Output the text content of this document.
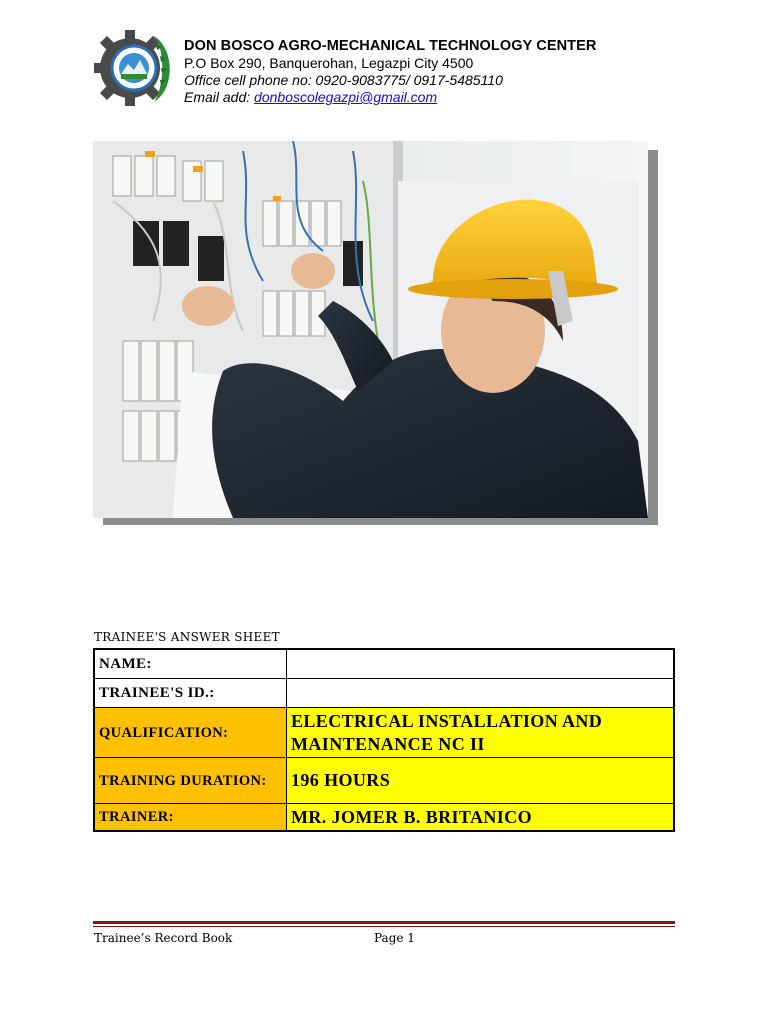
DON BOSCO AGRO-MECHANICAL TECHNOLOGY CENTER
P.O Box 290, Banquerohan, Legazpi City 4500
Office cell phone no: 0920-9083775/ 0917-5485110
Email add: donboscolegazpi@gmail.com
TRAINEE'S ANSWER SHEET
NAME:	
TRAINEE'S ID.:	
QUALIFICATION:	ELECTRICAL INSTALLATION AND MAINTENANCE NC II

TRAINING DURATION:	196 HOURS
TRAINER:	MR. JOMER B. BRITANICO
Trainee’s Record Book	Page 1
